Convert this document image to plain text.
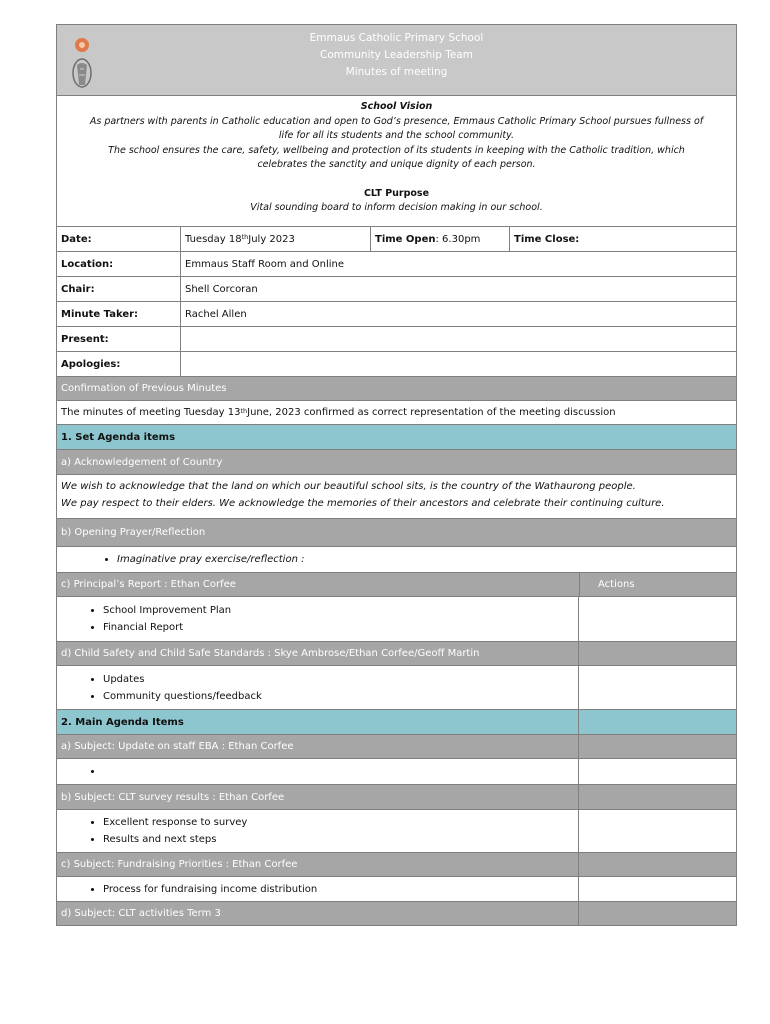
Emmaus Catholic Primary School
Community Leadership Team
Minutes of meeting
School Vision
As partners with parents in Catholic education and open to God’s presence, Emmaus Catholic Primary School pursues fullness of
life for all its students and the school community.
The school ensures the care, safety, wellbeing and protection of its students in keeping with the Catholic tradition, which
celebrates the sanctity and unique dignity of each person.
CLT Purpose
Vital sounding board to inform decision making in our school.
Date:	Tuesday 18th July 2023	Time Open : 6.30pm	Time Close:
Location:	Emmaus Staff Room and Online
Chair:	Shell Corcoran
Minute Taker:	Rachel Allen
Present:
Apologies:
Confirmation of Previous Minutes
The minutes of meeting Tuesday 13th June, 2023 confirmed as correct representation of the meeting discussion
1. Set Agenda items
a) Acknowledgement of Country
We wish to acknowledge that the land on which our beautiful school sits, is the country of the Wathaurong people.
We pay respect to their elders. We acknowledge the memories of their ancestors and celebrate their continuing culture.
b) Opening Prayer/Reflection
• Imaginative pray exercise/reflection :
c) Principal’s Report : Ethan Corfee	Actions
• School Improvement Plan
• Financial Report
d) Child Safety and Child Safe Standards : Skye Ambrose/Ethan Corfee/Geoff Martin
• Updates
• Community questions/feedback
2. Main Agenda Items
a) Subject: Update on staff EBA : Ethan Corfee
b) Subject: CLT survey results : Ethan Corfee
• Excellent response to survey
• Results and next steps
c) Subject: Fundraising Priorities : Ethan Corfee
• Process for fundraising income distribution
d) Subject: CLT activities Term 3
